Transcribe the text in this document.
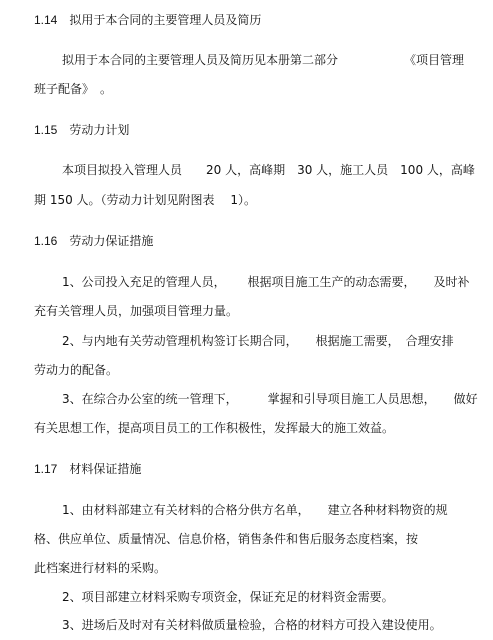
1.14 拟用于本合同的主要管理人员及简历
拟用于本合同的主要管理人员及简历见本册第二部分　　　　　　《项目管理
班子配备》　。
1.15 劳动力计划
本项目拟投入管理人员　　20 人，高峰期　30 人，施工人员　100 人，高峰
期 150 人。（劳动力计划见附图表　 1）。
1.16 劳动力保证措施
1、公司投入充足的管理人员，　　 根据项目施工生产的动态需要，　　及时补
充有关管理人员，加强项目管理力量。
2、与内地有关劳动管理机构签订长期合同，　　根据施工需要，　合理安排
劳动力的配备。
3、在综合办公室的统一管理下，　　　掌握和引导项目施工人员思想，　　做好
有关思想工作，提高项目员工的工作积极性，发挥最大的施工效益。
1.17 材料保证措施
1、由材料部建立有关材料的合格分供方名单，　　建立各种材料物资的规
格、供应单位、质量情况、信息价格，销售条件和售后服务态度档案，按
此档案进行材料的采购。
2、项目部建立材料采购专项资金，保证充足的材料资金需要。
3、进场后及时对有关材料做质量检验，合格的材料方可投入建设使用。
